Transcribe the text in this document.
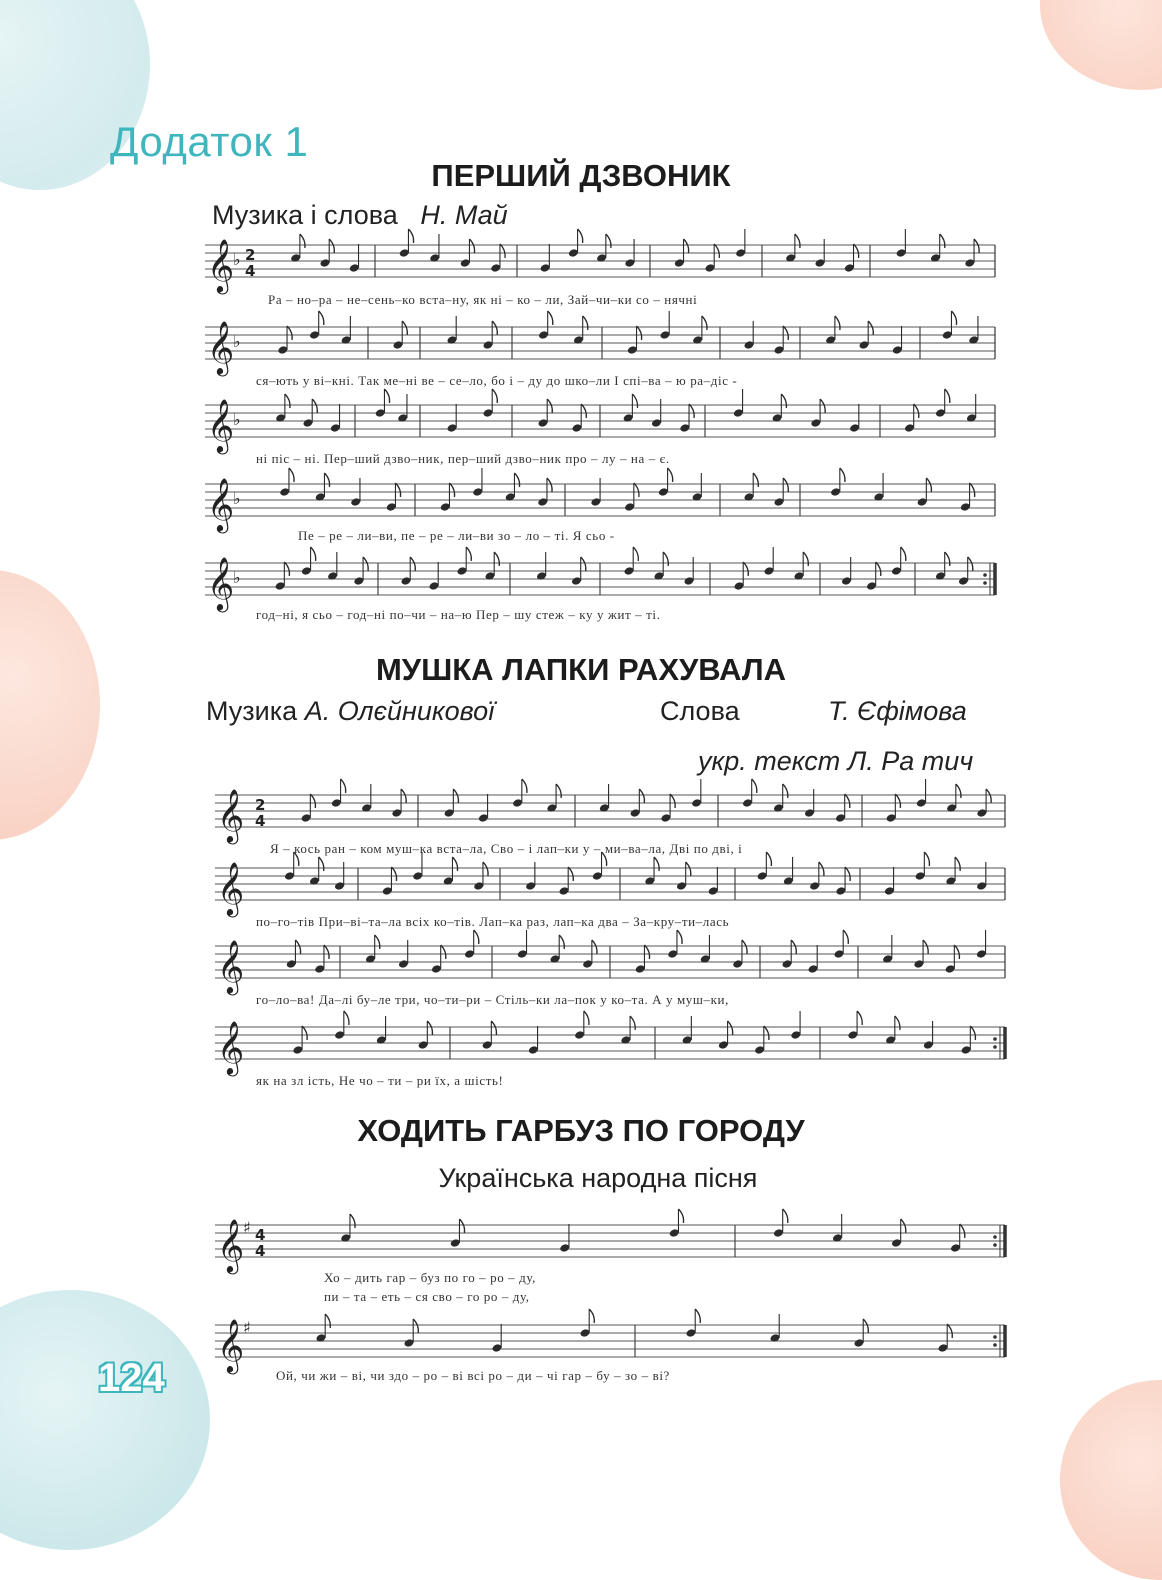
Додаток 1
ПЕРШИЙ ДЗВОНИК
Музика і слова Н. Май
МУШКА ЛАПКИ РАХУВАЛА
Музика А. Олєйникової	Слова	Т. Єфімова
укр. текст Л. Ра тич
ХОДИТЬ ГАРБУЗ ПО ГОРОДУ
Українська народна пісня
Ра – но–ра – не–сень–ко вста–ну, як ні – ко – ли, Зай–чи–ки со – нячні
ся–ють у ві–кні. Так ме–ні ве – се–ло, бо і – ду до шко–ли І спі–ва – ю ра–діс -
ні піс – ні. Пер–ший дзво–ник, пер–ший дзво–ник про – лу – на – є.
Пе – ре – ли–ви, пе – ре – ли–ви зо – ло – ті. Я сьо -
год–ні, я сьо – год–ні по–чи – на–ю Пер – шу стеж – ку у жит – ті.
Я – кось ран – ком муш–ка вста–ла, Сво – і лап–ки у – ми–ва–ла, Дві по дві, і
по–го–тів При–ві–та–ла всіх ко–тів. Лап–ка раз, лап–ка два – За–кру–ти–лась
го–ло–ва! Да–лі бу–ле три, чо–ти–ри – Стіль–ки ла–пок у ко–та. А у муш–ки,
як на зл ість, Не чо – ти – ри їх, а шість!
Хо – дить гар – буз по го – ро – ду,
пи – та – еть – ся сво – го ро – ду,
Ой, чи жи – ві, чи здо – ро – ві всі ро – ди – чі гар – бу – зо – ві?
𝄞
♭ 2
4
𝄞
♭
𝄞
♭
𝄞
♭
𝄞
♭
𝄞 2
4
𝄞
𝄞
𝄞
𝄞
♯ 4
4
𝄞
♯
124
